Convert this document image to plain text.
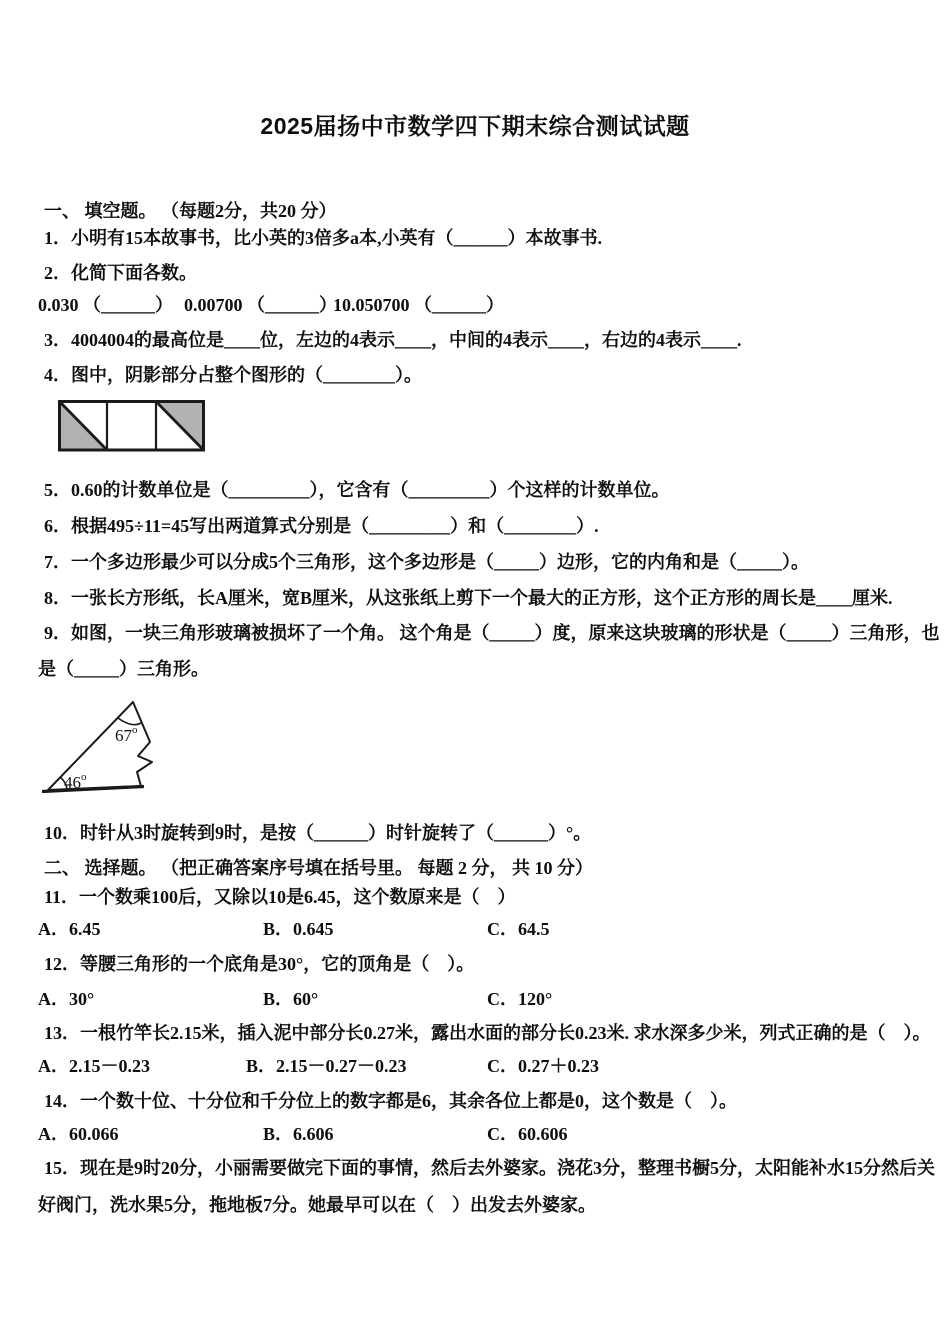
2025届扬中市数学四下期末综合测试试题

一、 填空题。 （每题2分，共20 分）

1．小明有15本故事书，比小英的3倍多a本,小英有（______）本故事书.

2．化简下面各数。

0.030 （______）

0.00700 （______）

10.050700 （______）

3．4004004的最高位是____位，左边的4表示____，中间的4表示____，右边的4表示____.

4．图中，阴影部分占整个图形的（________）。

5．0.60的计数单位是（_________），它含有（_________）个这样的计数单位。

6．根据495÷11=45写出两道算式分别是（_________）和（________）.

7．一个多边形最少可以分成5个三角形，这个多边形是（_____）边形，它的内角和是（_____）。

8．一张长方形纸，长A厘米，宽B厘米，从这张纸上剪下一个最大的正方形，这个正方形的周长是____厘米.

9．如图，一块三角形玻璃被损坏了一个角。 这个角是（_____）度，原来这块玻璃的形状是（_____）三角形，也

是（_____）三角形。

67$^o$
46$^o$

10．时针从3时旋转到9时，是按（______）时针旋转了（______）°。

二、 选择题。 （把正确答案序号填在括号里。 每题 2 分， 共 10 分）

11．一个数乘100后，又除以10是6.45，这个数原来是（　）

A．6.45

	B．0.645

	C．64.5

12．等腰三角形的一个底角是30°，它的顶角是（　）。

A．30°

	B．60°

	C．120°

13．一根竹竿长2.15米，插入泥中部分长0.27米，露出水面的部分长0.23米. 求水深多少米，列式正确的是（　）。

A．2.15－0.23

	B．2.15－0.27－0.23

	C．0.27＋0.23

14．一个数十位、十分位和千分位上的数字都是6，其余各位上都是0，这个数是（　）。

A．60.066

	B．6.606

	C．60.606

15．现在是9时20分，小丽需要做完下面的事情，然后去外婆家。浇花3分，整理书橱5分，太阳能补水15分然后关

好阀门，洗水果5分，拖地板7分。她最早可以在（　）出发去外婆家。
